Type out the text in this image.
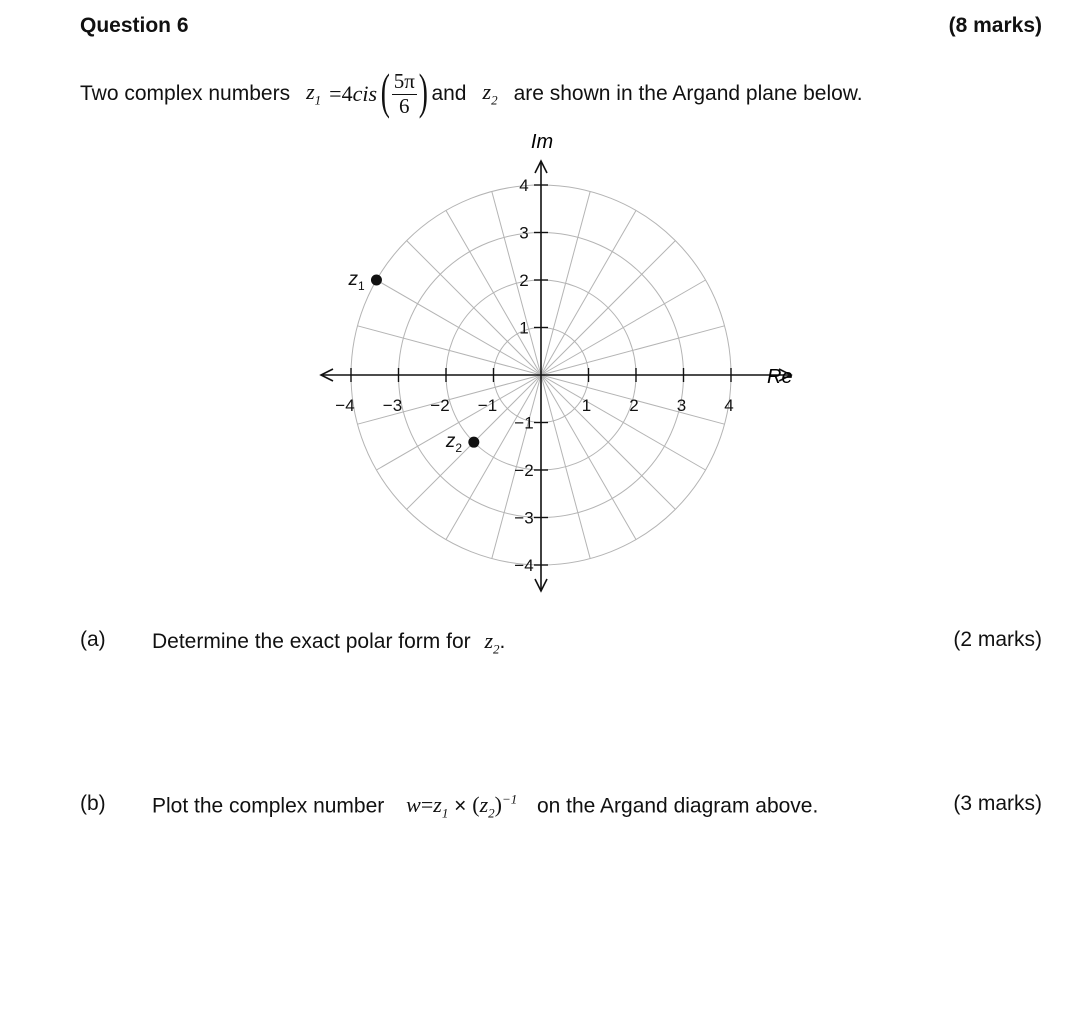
Question 6	(8 marks)
Two complex numbers $z_1 = 4$ cis ( $\frac{5\pi}{6}$ ) and $z_2$ are shown in the Argand plane below.
−4 −3 −2 −1	1 2 3 4
4
3
2
1
−1
−2
−3
−4
$z_1$
$z_2$
Im
Re
(a) Determine the exact polar form for $z_2$.	(2 marks)
(b) Plot the complex number $w=z_1 \times (z_2)^{-1}$ on the Argand diagram above.	(3 marks)
